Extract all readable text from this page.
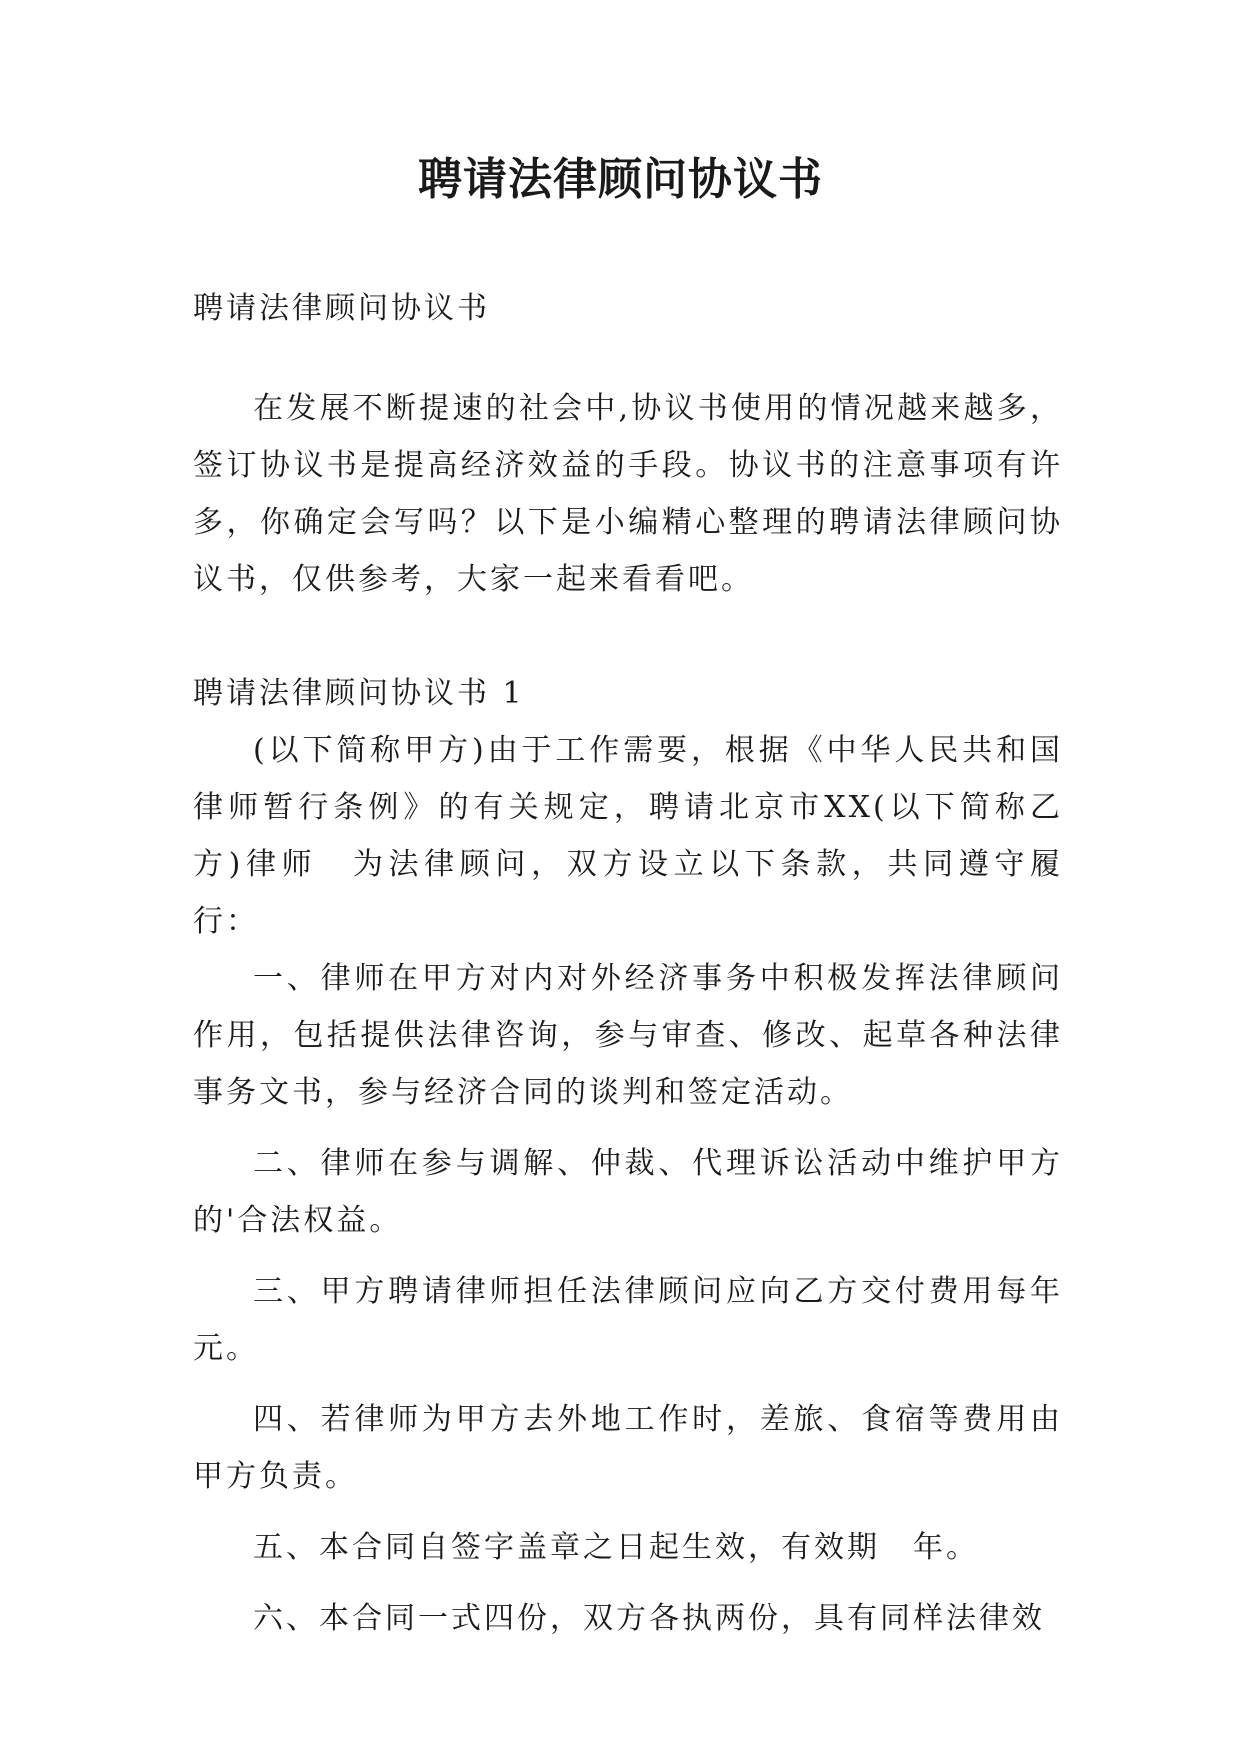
聘请法律顾问协议书

聘请法律顾问协议书

在发展不断提速的社会中,协议书使用的情况越来越多，签订协议书是提高经济效益的手段。协议书的注意事项有许多，你确定会写吗？以下是小编精心整理的聘请法律顾问协议书，仅供参考，大家一起来看看吧。

聘请法律顾问协议书 1

(以下简称甲方)由于工作需要，根据《中华人民共和国律师暂行条例》的有关规定，聘请北京市XX(以下简称乙方)律师　为法律顾问，双方设立以下条款，共同遵守履行：

一、律师在甲方对内对外经济事务中积极发挥法律顾问作用，包括提供法律咨询，参与审查、修改、起草各种法律事务文书，参与经济合同的谈判和签定活动。

二、律师在参与调解、仲裁、代理诉讼活动中维护甲方的'合法权益。

三、甲方聘请律师担任法律顾问应向乙方交付费用每年元。

四、若律师为甲方去外地工作时，差旅、食宿等费用由甲方负责。

五、本合同自签字盖章之日起生效，有效期　年。

六、本合同一式四份，双方各执两份，具有同样法律效
